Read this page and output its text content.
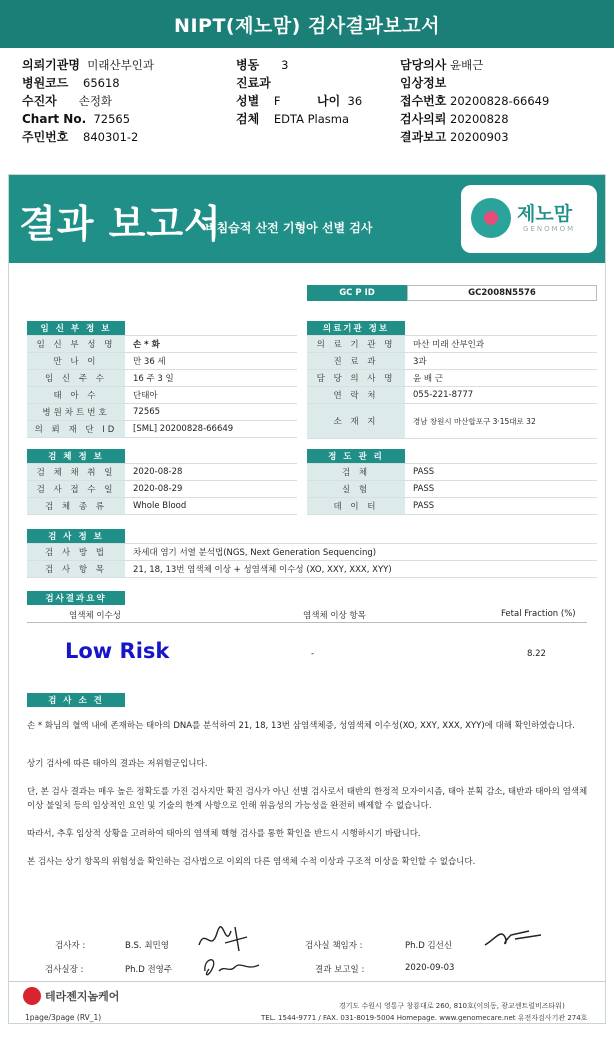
NIPT(제노맘) 검사결과보고서
의뢰기관명 미래산부인과
병원코드 65618
수진자 손정화
Chart No. 72565
주민번호 840301-2
병동 3
진료과
성별 F	나이 36
검체 EDTA Plasma
담당의사 윤배근
임상정보
접수번호 20200828-66649
검사의뢰 20200828
결과보고 20200903
결과 보고서
비침습적 산전 기형아 선별 검사
제노맘
GENOMOM
GC P ID	GC2008N5576
임 신 부 정 보
임 신 부 성 명	손 * 화
만 나 이	만 36 세
임 신 주 수	16 주 3 일
태 아 수	단태아
병원차트번호	72565
의 뢰 재 단 ID	[SML] 20200828-66649
의료기관 정보
의 료 기 관 명	마산 미래 산부인과
진 료 과	3과
담 당 의 사 명	윤 배 근
연 락 처	055-221-8777
소 재 지	경남 창원시 마산합포구 3·15대로 32
검 체 정 보
검 체 채 취 일	2020-08-28
검 사 접 수 일	2020-08-29
검 체 종 류	Whole Blood
정 도 관 리
검 체	PASS
실 험	PASS
데 이 터	PASS
검 사 정 보
검 사 방 법	차세대 염기 서열 분석법(NGS, Next Generation Sequencing)
검 사 항 목	21, 18, 13번 염색체 이상 + 성염색체 이수성 (XO, XXY, XXX, XYY)
검사결과요약
염색체 이수성	염색체 이상 항목	Fetal Fraction (%)
Low Risk	-	8.22
검 사 소 견
손 * 화님의 혈액 내에 존재하는 태아의 DNA를 분석하여 21, 18, 13번 삼염색체증, 성염색체 이수성(XO, XXY, XXX, XYY)에 대해 확인하였습니다.
상기 검사에 따른 태아의 결과는 저위험군입니다.
단, 본 검사 결과는 매우 높은 정확도를 가진 검사지만 확진 검사가 아닌 선별 검사로서 태반의 한정적 모자이시즘, 태아 분획 감소, 태반과 태아의 염색체 이상 불일치 등의 임상적인 요인 및 기술의 한계 사항으로 인해 위음성의 가능성을 완전히 배제할 수 없습니다.
따라서, 추후 임상적 상황을 고려하여 태아의 염색체 핵형 검사를 통한 확인을 반드시 시행하시기 바랍니다.
본 검사는 상기 항목의 위험성을 확인하는 검사법으로 이외의 다른 염색체 수적 이상과 구조적 이상을 확인할 수 없습니다.
검사자 :	B.S. 최민영
검사실장 :	Ph.D 전영주
검사실 책임자 :	Ph.D 김선신
결과 보고일 :	2020-09-03
테라젠지놈케어
경기도 수원시 영통구 창룡대로 260, 810호(이의동, 광교센트럴비즈타워)
TEL. 1544-9771 / FAX. 031-8019-5004 Homepage. www.genomecare.net 유전자검사기관 274호
1page/3page (RV_1)
